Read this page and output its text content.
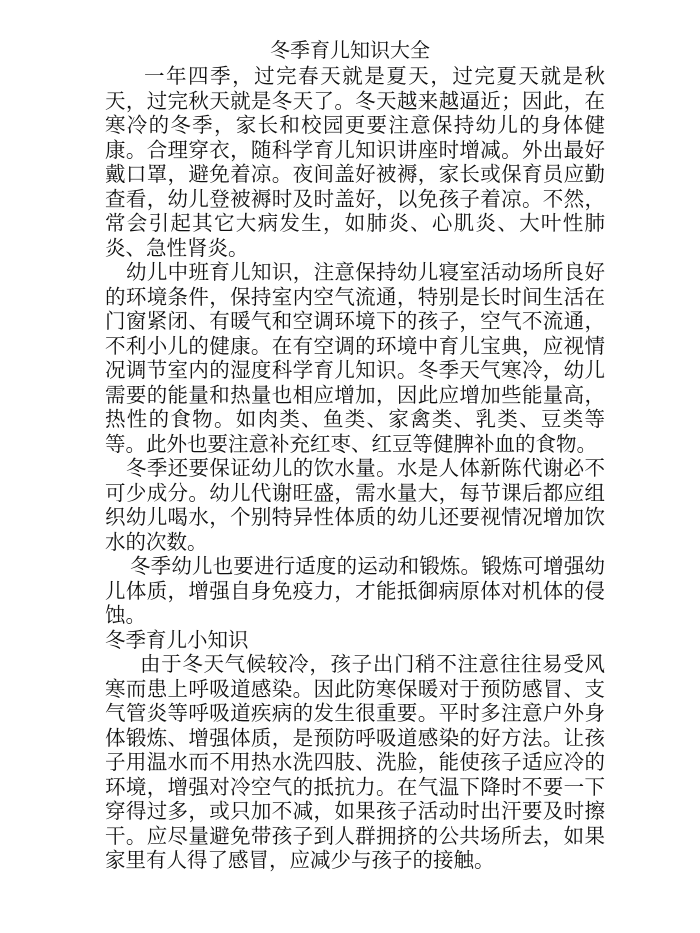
冬季育儿知识大全

一年四季，过完春天就是夏天，过完夏天就是秋天，过完秋天就是冬天了。冬天越来越逼近；因此，在寒冷的冬季，家长和校园更要注意保持幼儿的身体健康。合理穿衣，随科学育儿知识讲座时增减。外出最好戴口罩，避免着凉。夜间盖好被褥，家长或保育员应勤查看，幼儿登被褥时及时盖好，以免孩子着凉。不然，常会引起其它大病发生，如肺炎、心肌炎、大叶性肺炎、急性肾炎。

幼儿中班育儿知识，注意保持幼儿寝室活动场所良好的环境条件，保持室内空气流通，特别是长时间生活在门窗紧闭、有暖气和空调环境下的孩子，空气不流通，不利小儿的健康。在有空调的环境中育儿宝典，应视情况调节室内的湿度科学育儿知识。冬季天气寒冷，幼儿需要的能量和热量也相应增加，因此应增加些能量高，热性的食物。如肉类、鱼类、家禽类、乳类、豆类等等。此外也要注意补充红枣、红豆等健脾补血的食物。

冬季还要保证幼儿的饮水量。水是人体新陈代谢必不可少成分。幼儿代谢旺盛，需水量大，每节课后都应组织幼儿喝水，个别特异性体质的幼儿还要视情况增加饮水的次数。

冬季幼儿也要进行适度的运动和锻炼。锻炼可增强幼儿体质，增强自身免疫力，才能抵御病原体对机体的侵蚀。

冬季育儿小知识

由于冬天气候较冷，孩子出门稍不注意往往易受风寒而患上呼吸道感染。因此防寒保暖对于预防感冒、支气管炎等呼吸道疾病的发生很重要。平时多注意户外身体锻炼、增强体质，是预防呼吸道感染的好方法。让孩子用温水而不用热水洗四肢、洗脸，能使孩子适应冷的环境，增强对冷空气的抵抗力。在气温下降时不要一下穿得过多，或只加不减，如果孩子活动时出汗要及时擦干。应尽量避免带孩子到人群拥挤的公共场所去，如果家里有人得了感冒，应减少与孩子的接触。
